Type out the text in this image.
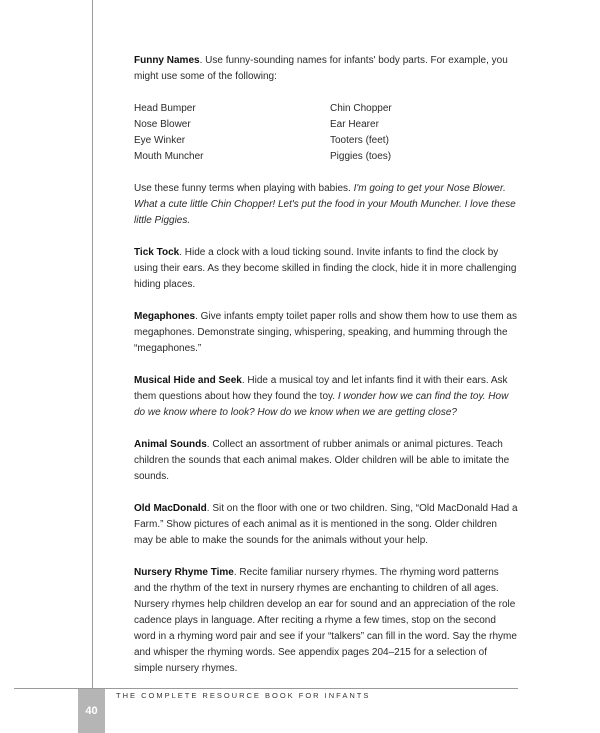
Funny Names. Use funny-sounding names for infants' body parts. For example, you might use some of the following:

Head Bumper	Chin Chopper
Nose Blower	Ear Hearer
Eye Winker	Tooters (feet)
Mouth Muncher	Piggies (toes)

Use these funny terms when playing with babies. I'm going to get your Nose Blower. What a cute little Chin Chopper! Let's put the food in your Mouth Muncher. I love these little Piggies.

Tick Tock. Hide a clock with a loud ticking sound. Invite infants to find the clock by using their ears. As they become skilled in finding the clock, hide it in more challenging hiding places.

Megaphones. Give infants empty toilet paper rolls and show them how to use them as megaphones. Demonstrate singing, whispering, speaking, and humming through the “megaphones.”

Musical Hide and Seek. Hide a musical toy and let infants find it with their ears. Ask them questions about how they found the toy. I wonder how we can find the toy. How do we know where to look? How do we know when we are getting close?

Animal Sounds. Collect an assortment of rubber animals or animal pictures. Teach children the sounds that each animal makes. Older children will be able to imitate the sounds.

Old MacDonald. Sit on the floor with one or two children. Sing, “Old MacDonald Had a Farm.” Show pictures of each animal as it is mentioned in the song. Older children may be able to make the sounds for the animals without your help.

Nursery Rhyme Time. Recite familiar nursery rhymes. The rhyming word patterns and the rhythm of the text in nursery rhymes are enchanting to children of all ages. Nursery rhymes help children develop an ear for sound and an appreciation of the role cadence plays in language. After reciting a rhyme a few times, stop on the second word in a rhyming word pair and see if your “talkers” can fill in the word. Say the rhyme and whisper the rhyming words. See appendix pages 204–215 for a selection of simple nursery rhymes.

THE COMPLETE RESOURCE BOOK FOR INFANTS
40
